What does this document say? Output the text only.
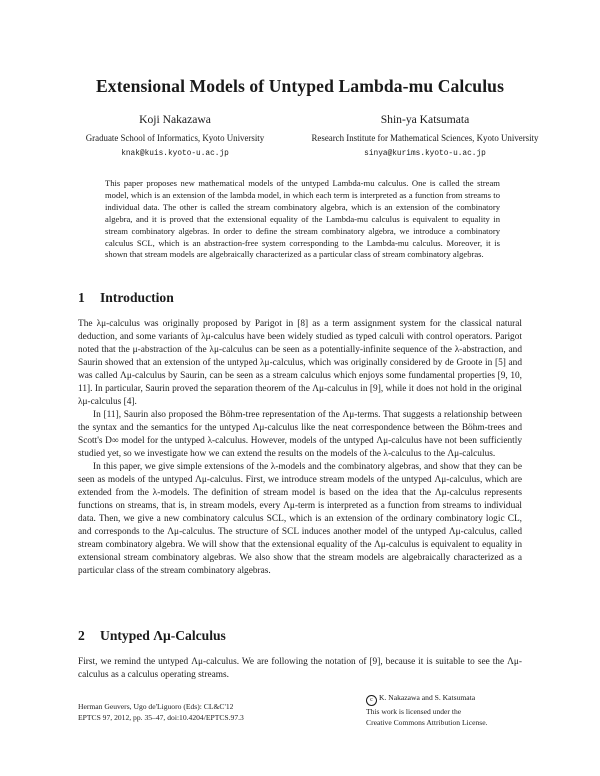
Extensional Models of Untyped Lambda-mu Calculus
Koji Nakazawa
Graduate School of Informatics, Kyoto University
knak@kuis.kyoto-u.ac.jp
Shin-ya Katsumata
Research Institute for Mathematical Sciences, Kyoto University
sinya@kurims.kyoto-u.ac.jp
This paper proposes new mathematical models of the untyped Lambda-mu calculus. One is called the stream model, which is an extension of the lambda model, in which each term is interpreted as a function from streams to individual data. The other is called the stream combinatory algebra, which is an extension of the combinatory algebra, and it is proved that the extensional equality of the Lambda-mu calculus is equivalent to equality in stream combinatory algebras. In order to define the stream combinatory algebra, we introduce a combinatory calculus SCL, which is an abstraction-free system corresponding to the Lambda-mu calculus. Moreover, it is shown that stream models are algebraically characterized as a particular class of stream combinatory algebras.
1 Introduction

The λμ-calculus was originally proposed by Parigot in [8] as a term assignment system for the classical natural deduction, and some variants of λμ-calculus have been widely studied as typed calculi with control operators. Parigot noted that the μ-abstraction of the λμ-calculus can be seen as a potentially-infinite sequence of the λ-abstraction, and Saurin showed that an extension of the untyped λμ-calculus, which was originally considered by de Groote in [5] and was called Λμ-calculus by Saurin, can be seen as a stream calculus which enjoys some fundamental properties [9, 10, 11]. In particular, Saurin proved the separation theorem of the Λμ-calculus in [9], while it does not hold in the original λμ-calculus [4].

In [11], Saurin also proposed the Böhm-tree representation of the Λμ-terms. That suggests a relationship between the syntax and the semantics for the untyped Λμ-calculus like the neat correspondence between the Böhm-trees and Scott's D∞ model for the untyped λ-calculus. However, models of the untyped Λμ-calculus have not been sufficiently studied yet, so we investigate how we can extend the results on the models of the λ-calculus to the Λμ-calculus.

In this paper, we give simple extensions of the λ-models and the combinatory algebras, and show that they can be seen as models of the untyped Λμ-calculus. First, we introduce stream models of the untyped Λμ-calculus, which are extended from the λ-models. The definition of stream model is based on the idea that the Λμ-calculus represents functions on streams, that is, in stream models, every Λμ-term is interpreted as a function from streams to individual data. Then, we give a new combinatory calculus SCL, which is an extension of the ordinary combinatory logic CL, and corresponds to the Λμ-calculus. The structure of SCL induces another model of the untyped Λμ-calculus, called stream combinatory algebra. We will show that the extensional equality of the Λμ-calculus is equivalent to equality in extensional stream combinatory algebras. We also show that the stream models are algebraically characterized as a particular class of the stream combinatory algebras.

2 Untyped Λμ-Calculus

First, we remind the untyped Λμ-calculus. We are following the notation of [9], because it is suitable to see the Λμ-calculus as a calculus operating streams.

Herman Geuvers, Ugo de'Liguoro (Eds): CL&C'12
EPTCS 97, 2012, pp. 35–47, doi:10.4204/EPTCS.97.3
c K. Nakazawa and S. Katsumata
This work is licensed under the
Creative Commons Attribution License.
